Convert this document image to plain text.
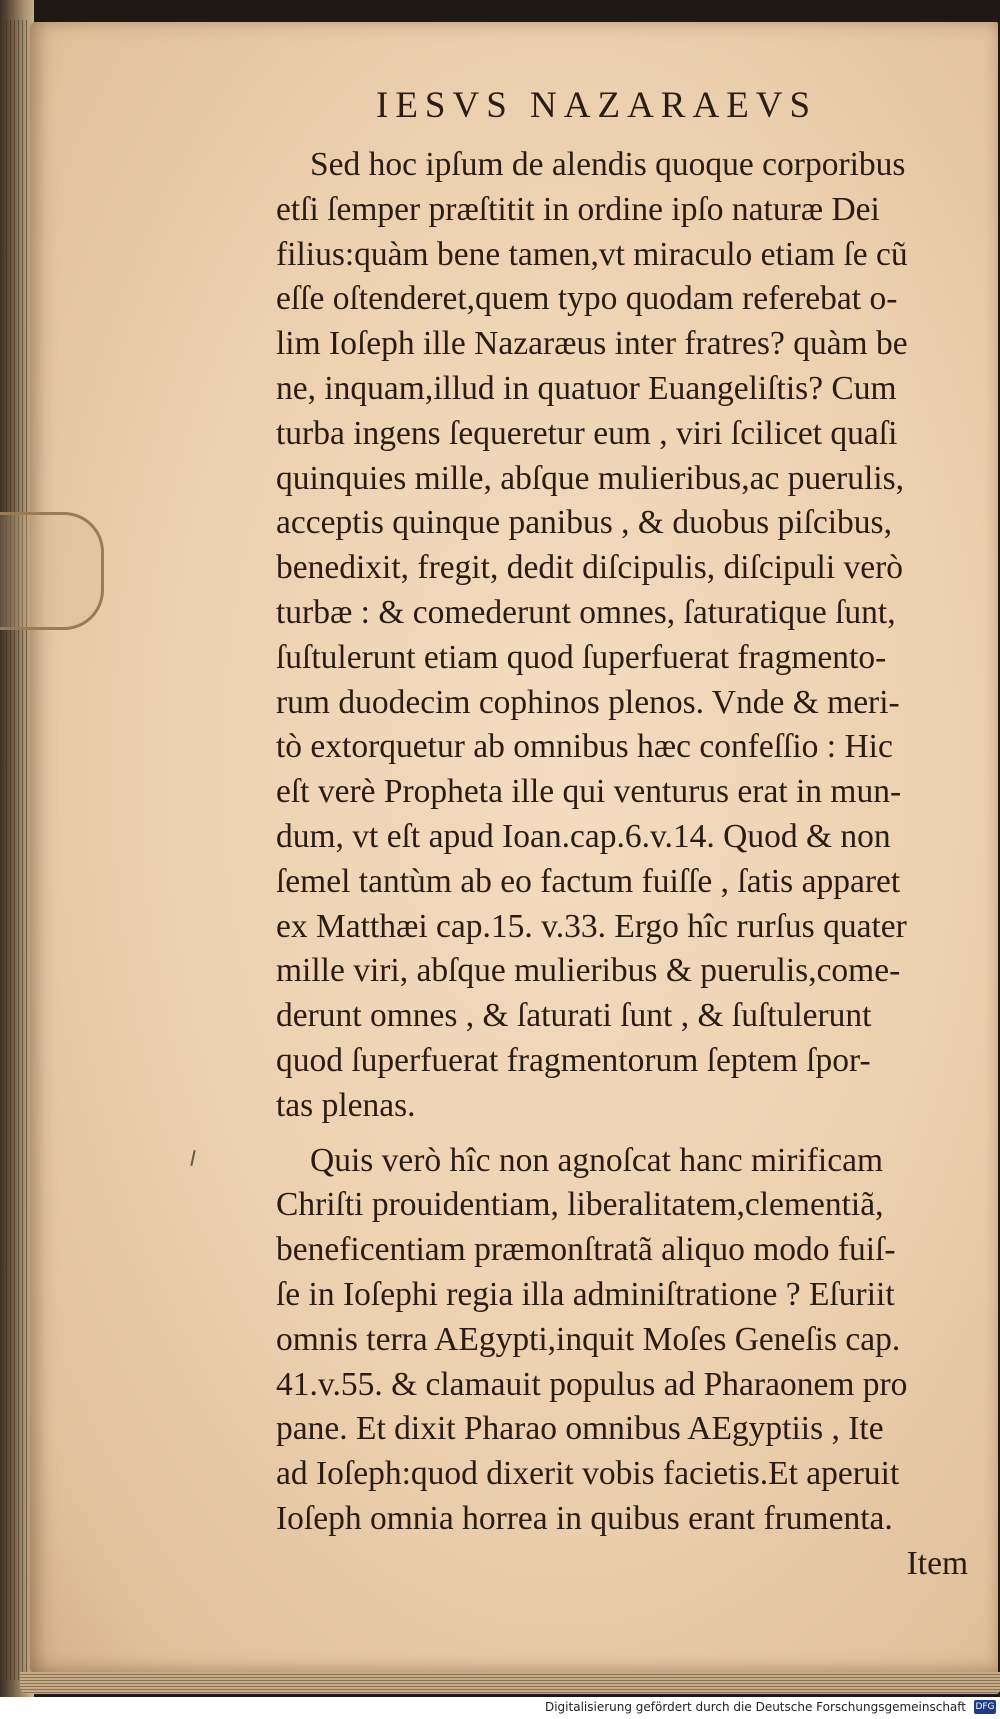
IESVS NAZARAEVS
Sed hoc ipſum de alendis quoque corporibus
etſi ſemper præſtitit in ordine ipſo naturæ Dei
filius:quàm bene tamen,vt miraculo etiam ſe cũ
eſſe oſtenderet,quem typo quodam referebat o-
lim Ioſeph ille Nazaræus inter fratres? quàm be
ne, inquam,illud in quatuor Euangeliſtis? Cum
turba ingens ſequeretur eum , viri ſcilicet quaſi
quinquies mille, abſque mulieribus,ac puerulis,
acceptis quinque panibus , & duobus piſcibus,
benedixit, fregit, dedit diſcipulis, diſcipuli verò
turbæ : & comederunt omnes, ſaturatique ſunt,
ſuſtulerunt etiam quod ſuperfuerat fragmento-
rum duodecim cophinos plenos. Vnde & meri-
tò extorquetur ab omnibus hæc confeſſio : Hic
eſt verè Propheta ille qui venturus erat in mun-
dum, vt eſt apud Ioan.cap.6.v.14. Quod & non
ſemel tantùm ab eo factum fuiſſe , ſatis apparet
ex Matthæi cap.15. v.33. Ergo hîc rurſus quater
mille viri, abſque mulieribus & puerulis,come-
derunt omnes , & ſaturati ſunt , & ſuſtulerunt
quod ſuperfuerat fragmentorum ſeptem ſpor-
tas plenas.
Quis verò hîc non agnoſcat hanc mirificam
Chriſti prouidentiam, liberalitatem,clementiã,
beneficentiam præmonſtratã aliquo modo fuiſ-
ſe in Ioſephi regia illa adminiſtratione ? Eſuriit
omnis terra AEgypti,inquit Moſes Geneſis cap.
41.v.55. & clamauit populus ad Pharaonem pro
pane. Et dixit Pharao omnibus AEgyptiis , Ite
ad Ioſeph:quod dixerit vobis facietis.Et aperuit
Ioſeph omnia horrea in quibus erant frumenta.
Item
Digitalisierung gefördert durch die Deutsche Forschungsgemeinschaft DFG
